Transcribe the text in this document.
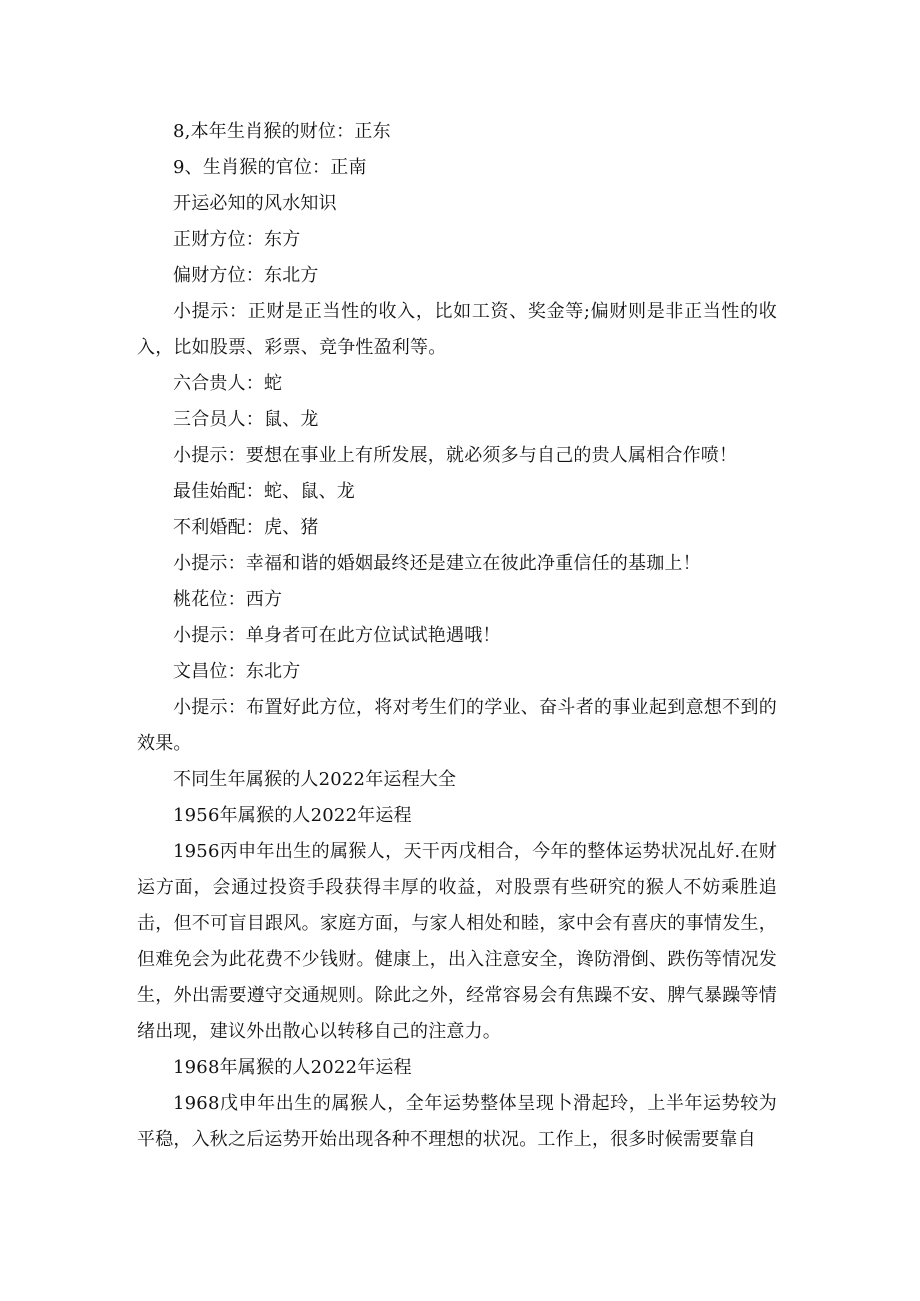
8,本年生肖猴的财位：正东

9、生肖猴的官位：正南

开运必知的风水知识

正财方位：东方

偏财方位：东北方

小提示：正财是正当性的收入，比如工资、奖金等;偏财则是非正当性的收入，比如股票、彩票、竞争性盈利等。

六合贵人：蛇

三合员人：鼠、龙

小提示：要想在事业上有所发展，就必须多与自己的贵人属相合作喷！

最佳始配：蛇、鼠、龙

不利婚配：虎、猪

小提示：幸福和谐的婚姻最终还是建立在彼此净重信任的基珈上！

桃花位：西方

小提示：单身者可在此方位试试艳遇哦！

文昌位：东北方

小提示：布置好此方位，将对考生们的学业、奋斗者的事业起到意想不到的效果。

不同生年属猴的人2022年运程大全

1956年属猴的人2022年运程

1956丙申年出生的属猴人，天干丙戊相合，今年的整体运势状况乩好.在财运方面，会通过投资手段获得丰厚的收益，对股票有些研究的猴人不妨乘胜追击，但不可盲目跟风。家庭方面，与家人相处和睦，家中会有喜庆的事情发生，但难免会为此花费不少钱财。健康上，出入注意安全，谗防滑倒、跌伤等情况发生，外出需要遵守交通规则。除此之外，经常容易会有焦躁不安、脾气暴躁等情绪出现，建议外出散心以转移自己的注意力。

1968年属猴的人2022年运程

1968戊申年出生的属猴人，全年运势整体呈现卜滑起玲，上半年运势较为平稳，入秋之后运势开始出现各种不理想的状况。工作上，很多时候需要靠自
